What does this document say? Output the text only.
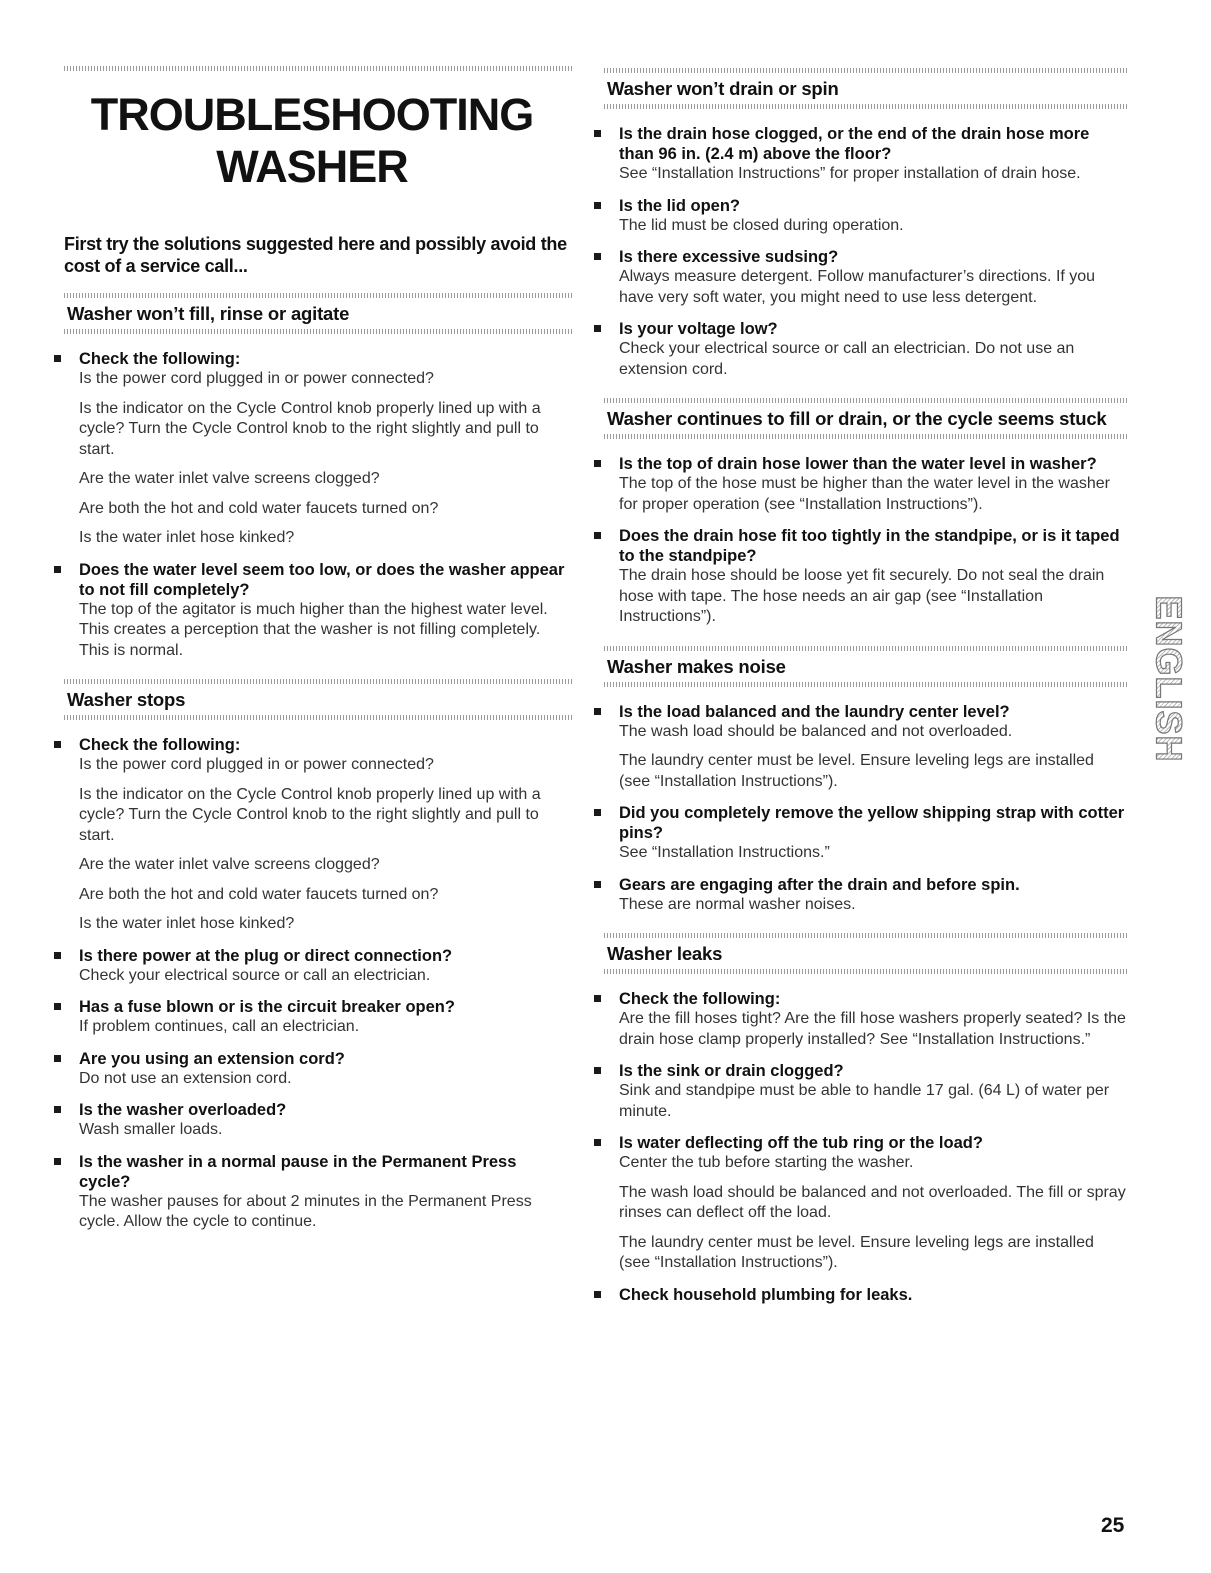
TROUBLESHOOTING
WASHER
First try the solutions suggested here and possibly avoid the cost of a service call...
Washer won’t fill, rinse or agitate
Check the following:
Is the power cord plugged in or power connected?
Is the indicator on the Cycle Control knob properly lined up with a cycle? Turn the Cycle Control knob to the right slightly and pull to start.
Are the water inlet valve screens clogged?
Are both the hot and cold water faucets turned on?
Is the water inlet hose kinked?
Does the water level seem too low, or does the washer appear to not fill completely?
The top of the agitator is much higher than the highest water level. This creates a perception that the washer is not filling completely. This is normal.
Washer stops
Check the following:
Is the power cord plugged in or power connected?
Is the indicator on the Cycle Control knob properly lined up with a cycle? Turn the Cycle Control knob to the right slightly and pull to start.
Are the water inlet valve screens clogged?
Are both the hot and cold water faucets turned on?
Is the water inlet hose kinked?
Is there power at the plug or direct connection?
Check your electrical source or call an electrician.
Has a fuse blown or is the circuit breaker open?
If problem continues, call an electrician.
Are you using an extension cord?
Do not use an extension cord.
Is the washer overloaded?
Wash smaller loads.
Is the washer in a normal pause in the Permanent Press cycle?
The washer pauses for about 2 minutes in the Permanent Press cycle. Allow the cycle to continue.
Washer won’t drain or spin
Is the drain hose clogged, or the end of the drain hose more than 96 in. (2.4 m) above the floor?
See “Installation Instructions” for proper installation of drain hose.
Is the lid open?
The lid must be closed during operation.
Is there excessive sudsing?
Always measure detergent. Follow manufacturer’s directions. If you have very soft water, you might need to use less detergent.
Is your voltage low?
Check your electrical source or call an electrician. Do not use an extension cord.
Washer continues to fill or drain, or the cycle seems stuck
Is the top of drain hose lower than the water level in washer?
The top of the hose must be higher than the water level in the washer for proper operation (see “Installation Instructions”).
Does the drain hose fit too tightly in the standpipe, or is it taped to the standpipe?
The drain hose should be loose yet fit securely. Do not seal the drain hose with tape. The hose needs an air gap (see “Installation Instructions”).
Washer makes noise
Is the load balanced and the laundry center level?
The wash load should be balanced and not overloaded.
The laundry center must be level. Ensure leveling legs are installed (see “Installation Instructions”).
Did you completely remove the yellow shipping strap with cotter pins?
See “Installation Instructions.”
Gears are engaging after the drain and before spin.
These are normal washer noises.
Washer leaks
Check the following:
Are the fill hoses tight? Are the fill hose washers properly seated? Is the drain hose clamp properly installed? See “Installation Instructions.”
Is the sink or drain clogged?
Sink and standpipe must be able to handle 17 gal. (64 L) of water per minute.
Is water deflecting off the tub ring or the load?
Center the tub before starting the washer.
The wash load should be balanced and not overloaded. The fill or spray rinses can deflect off the load.
The laundry center must be level. Ensure leveling legs are installed (see “Installation Instructions”).
Check household plumbing for leaks.
ENGLISH
25
